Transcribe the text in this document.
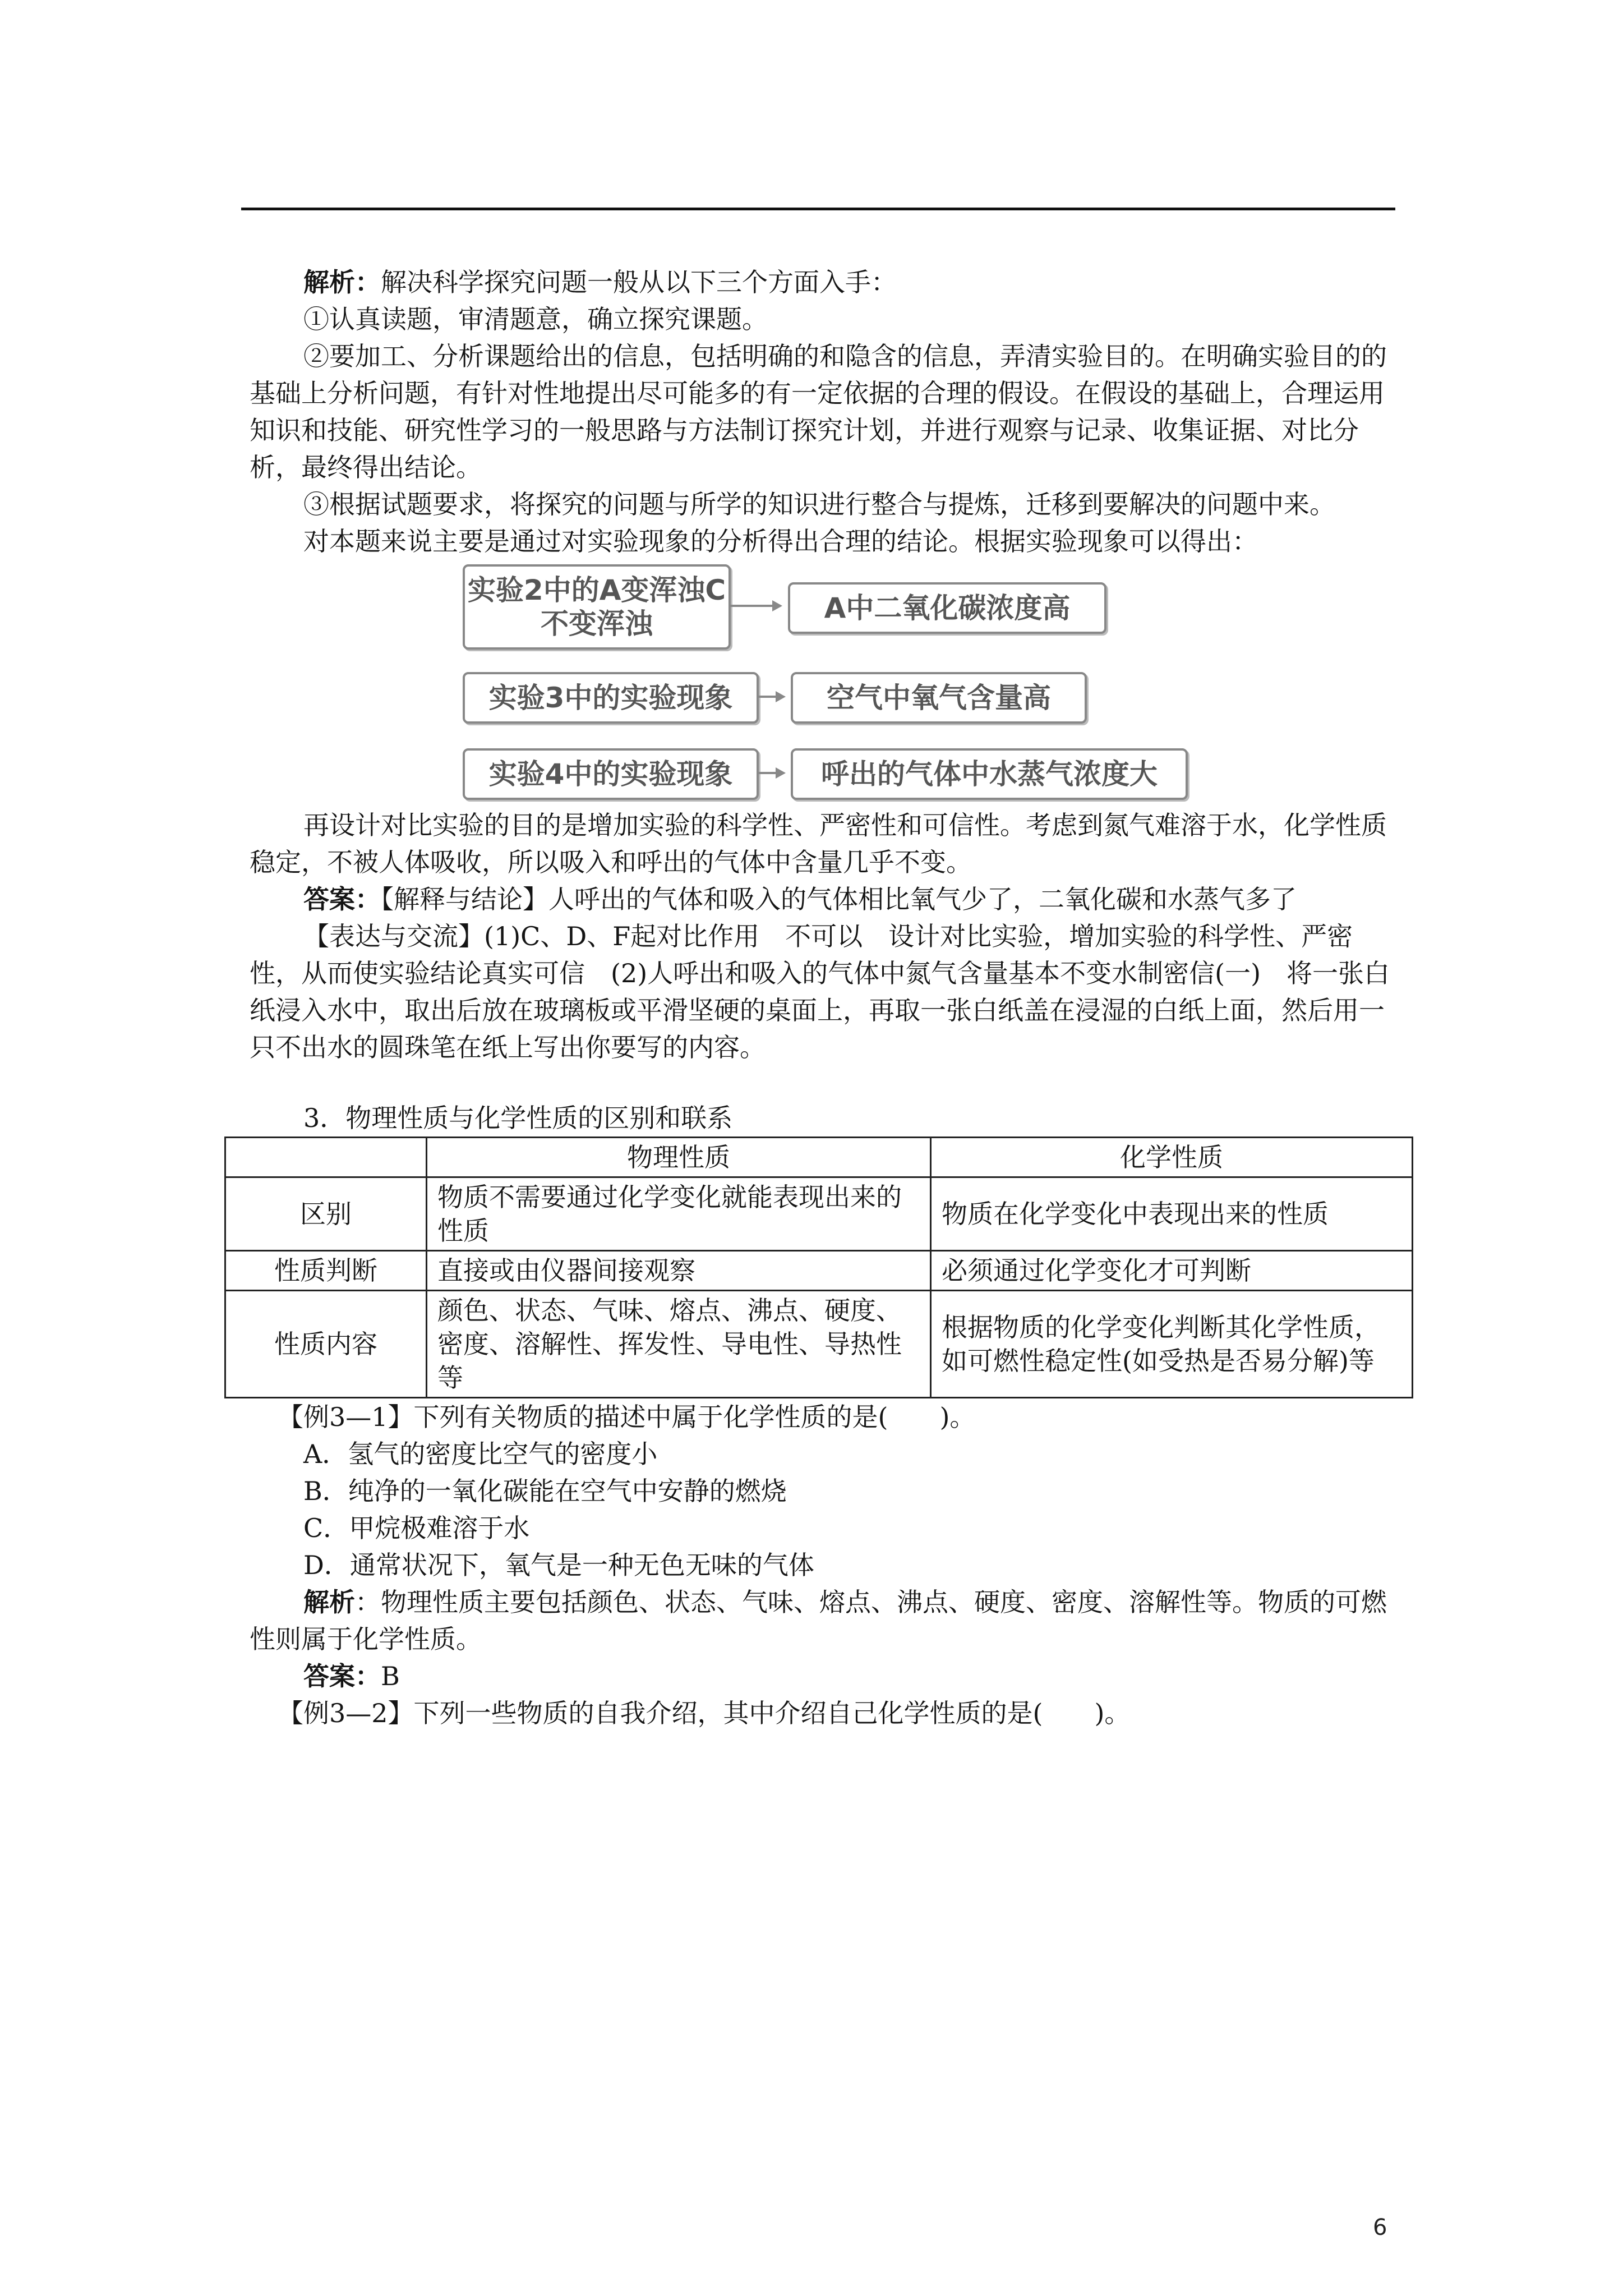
解析：解决科学探究问题一般从以下三个方面入手：

①认真读题，审清题意，确立探究课题。

②要加工、分析课题给出的信息，包括明确的和隐含的信息，弄清实验目的。在明确实验目的的基础上分析问题，有针对性地提出尽可能多的有一定依据的合理的假设。在假设的基础上，合理运用知识和技能、研究性学习的一般思路与方法制订探究计划，并进行观察与记录、收集证据、对比分析，最终得出结论。

③根据试题要求，将探究的问题与所学的知识进行整合与提炼，迁移到要解决的问题中来。

对本题来说主要是通过对实验现象的分析得出合理的结论。根据实验现象可以得出：

实验2中的A变浑浊C不变浑浊	A中二氧化碳浓度高
实验3中的实验现象	空气中氧气含量高
实验4中的实验现象	呼出的气体中水蒸气浓度大

再设计对比实验的目的是增加实验的科学性、严密性和可信性。考虑到氮气难溶于水，化学性质稳定，不被人体吸收，所以吸入和呼出的气体中含量几乎不变。

答案：【解释与结论】人呼出的气体和吸入的气体相比氧气少了，二氧化碳和水蒸气多了

【表达与交流】(1)C、D、F起对比作用　不可以　设计对比实验，增加实验的科学性、严密性，从而使实验结论真实可信　(2)人呼出和吸入的气体中氮气含量基本不变水制密信(一)　将一张白纸浸入水中，取出后放在玻璃板或平滑坚硬的桌面上，再取一张白纸盖在浸湿的白纸上面，然后用一只不出水的圆珠笔在纸上写出你要写的内容。

3．物理性质与化学性质的区别和联系

	物理性质	化学性质
区别	物质不需要通过化学变化就能表现出来的性质	物质在化学变化中表现出来的性质
性质判断	直接或由仪器间接观察	必须通过化学变化才可判断
性质内容	颜色、状态、气味、熔点、沸点、硬度、密度、溶解性、挥发性、导电性、导热性等	根据物质的化学变化判断其化学性质，如可燃性稳定性(如受热是否易分解)等

【例3—1】下列有关物质的描述中属于化学性质的是(　　)。

A．氢气的密度比空气的密度小

B．纯净的一氧化碳能在空气中安静的燃烧

C．甲烷极难溶于水

D．通常状况下，氧气是一种无色无味的气体

解析：物理性质主要包括颜色、状态、气味、熔点、沸点、硬度、密度、溶解性等。物质的可燃性则属于化学性质。

答案：B

【例3—2】下列一些物质的自我介绍，其中介绍自己化学性质的是(　　)。

6
